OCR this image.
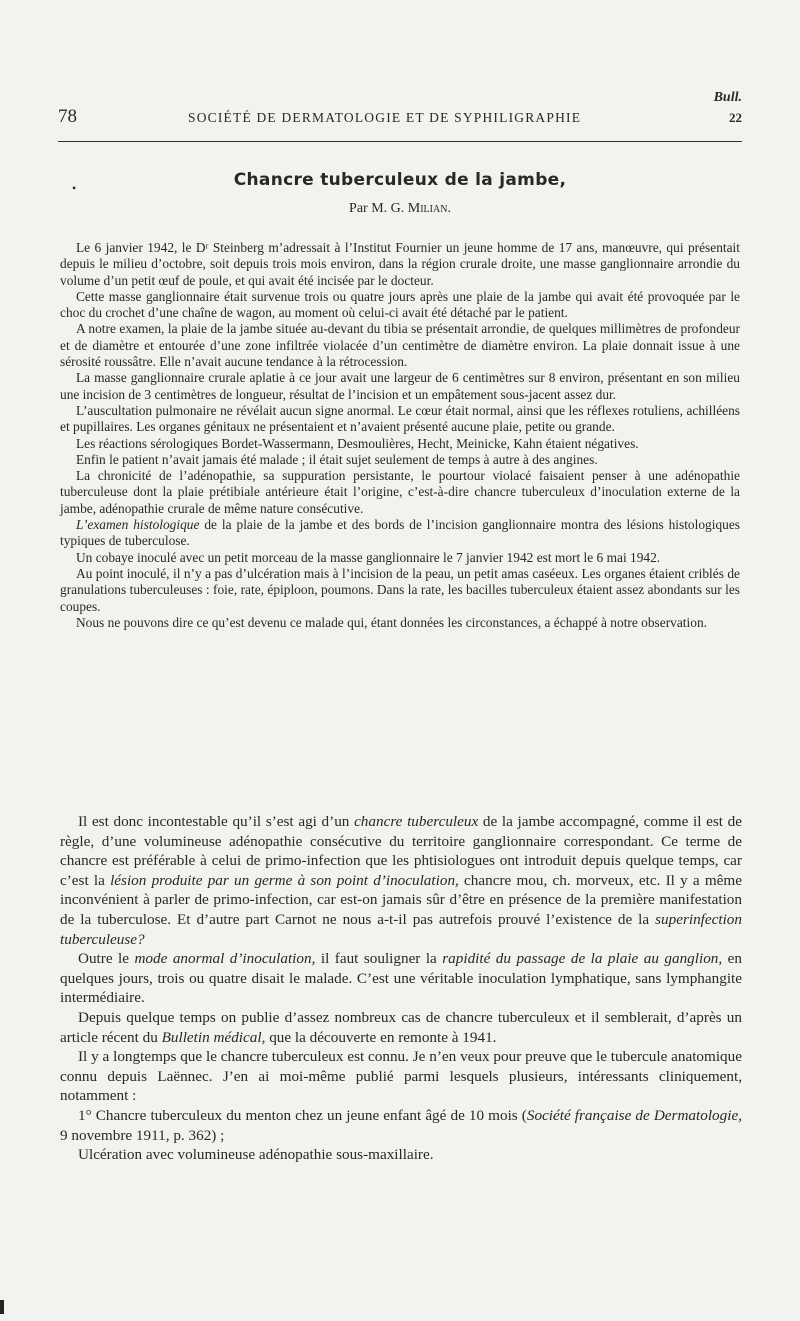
78	SOCIÉTÉ DE DERMATOLOGIE ET DE SYPHILIGRAPHIE
Bull.
22
•	Chancre tuberculeux de la jambe,
Par M. G. Milian.

Le 6 janvier 1942, le Dʳ Steinberg m’adressait à l’Institut Fournier un jeune homme de 17 ans, manœuvre, qui présentait depuis le milieu d’octobre, soit depuis trois mois environ, dans la région crurale droite, une masse ganglionnaire arrondie du volume d’un petit œuf de poule, et qui avait été incisée par le docteur.

Cette masse ganglionnaire était survenue trois ou quatre jours après une plaie de la jambe qui avait été provoquée par le choc du crochet d’une chaîne de wagon, au moment où celui-ci avait été détaché par le patient.

A notre examen, la plaie de la jambe située au-devant du tibia se présentait arrondie, de quelques millimètres de profondeur et de diamètre et entourée d’une zone infiltrée violacée d’un centimètre de diamètre environ. La plaie donnait issue à une sérosité roussâtre. Elle n’avait aucune tendance à la rétrocession.

La masse ganglionnaire crurale aplatie à ce jour avait une largeur de 6 centimètres sur 8 environ, présentant en son milieu une incision de 3 centimètres de longueur, résultat de l’incision et un empâtement sous-jacent assez dur.

L’auscultation pulmonaire ne révélait aucun signe anormal. Le cœur était normal, ainsi que les réflexes rotuliens, achilléens et pupillaires. Les organes génitaux ne présentaient et n’avaient présenté aucune plaie, petite ou grande.

Les réactions sérologiques Bordet-Wassermann, Desmoulières, Hecht, Meinicke, Kahn étaient négatives.

Enfin le patient n’avait jamais été malade ; il était sujet seulement de temps à autre à des angines.

La chronicité de l’adénopathie, sa suppuration persistante, le pourtour violacé faisaient penser à une adénopathie tuberculeuse dont la plaie prétibiale antérieure était l’origine, c’est-à-dire chancre tuberculeux d’inoculation externe de la jambe, adénopathie crurale de même nature consécutive.

L’examen histologique de la plaie de la jambe et des bords de l’incision ganglionnaire montra des lésions histologiques typiques de tuberculose.

Un cobaye inoculé avec un petit morceau de la masse ganglionnaire le 7 janvier 1942 est mort le 6 mai 1942.

Au point inoculé, il n’y a pas d’ulcération mais à l’incision de la peau, un petit amas caséeux. Les organes étaient criblés de granulations tuberculeuses : foie, rate, épiploon, poumons. Dans la rate, les bacilles tuberculeux étaient assez abondants sur les coupes.

Nous ne pouvons dire ce qu’est devenu ce malade qui, étant données les circonstances, a échappé à notre observation.

Il est donc incontestable qu’il s’est agi d’un chancre tuberculeux de la jambe accompagné, comme il est de règle, d’une volumineuse adénopathie consécutive du territoire ganglionnaire correspondant. Ce terme de chancre est préférable à celui de primo-infection que les phtisiologues ont introduit depuis quelque temps, car c’est la lésion produite par un germe à son point d’inoculation, chancre mou, ch. morveux, etc. Il y a même inconvénient à parler de primo-infection, car est-on jamais sûr d’être en présence de la première manifestation de la tuberculose. Et d’autre part Carnot ne nous a-t-il pas autrefois prouvé l’existence de la superinfection tuberculeuse?

Outre le mode anormal d’inoculation, il faut souligner la rapidité du passage de la plaie au ganglion, en quelques jours, trois ou quatre disait le malade. C’est une véritable inoculation lymphatique, sans lymphangite intermédiaire.

Depuis quelque temps on publie d’assez nombreux cas de chancre tuberculeux et il semblerait, d’après un article récent du Bulletin médical, que la découverte en remonte à 1941.

Il y a longtemps que le chancre tuberculeux est connu. Je n’en veux pour preuve que le tubercule anatomique connu depuis Laënnec. J’en ai moi-même publié parmi lesquels plusieurs, intéressants cliniquement, notamment :

1° Chancre tuberculeux du menton chez un jeune enfant âgé de 10 mois (Société française de Dermatologie, 9 novembre 1911, p. 362) ;

Ulcération avec volumineuse adénopathie sous-maxillaire.
